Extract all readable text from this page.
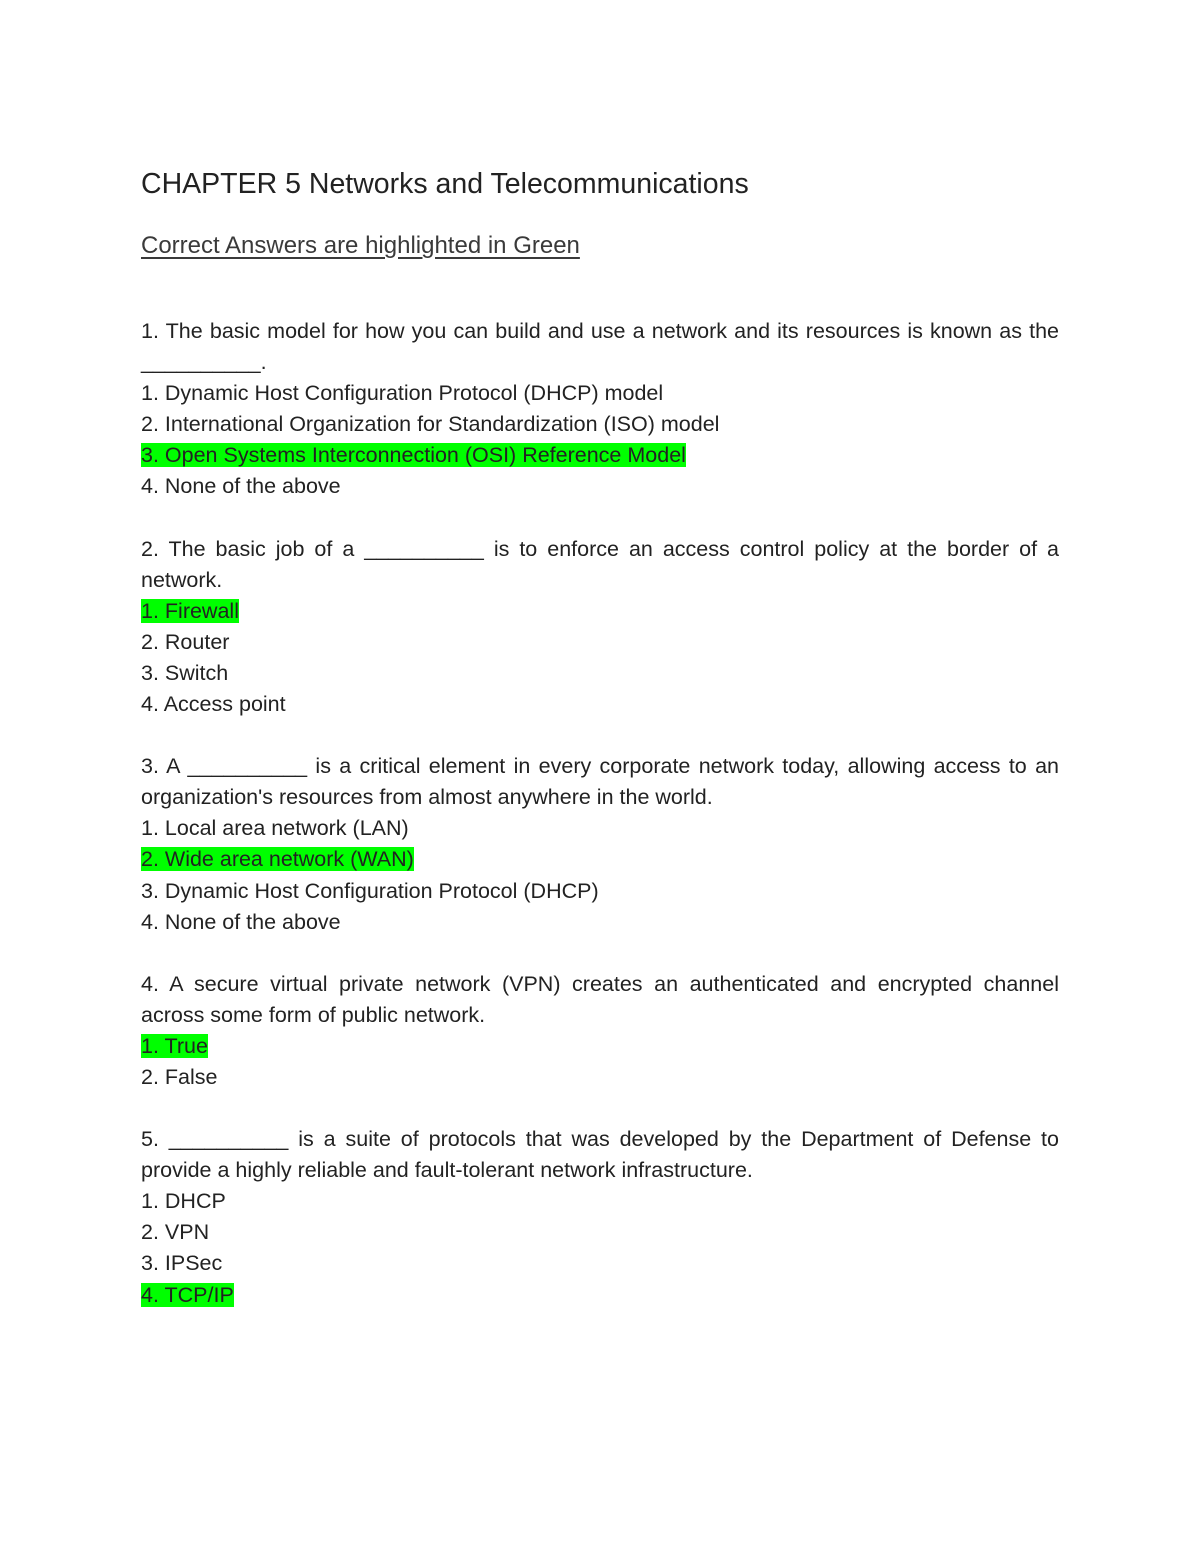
CHAPTER 5 Networks and Telecommunications

Correct Answers are highlighted in Green

1. The basic model for how you can build and use a network and its resources is known as the __________.

1. Dynamic Host Configuration Protocol (DHCP) model

2. International Organization for Standardization (ISO) model

3. Open Systems Interconnection (OSI) Reference Model

4. None of the above

2. The basic job of a __________ is to enforce an access control policy at the border of a network.

1. Firewall

2. Router

3. Switch

4. Access point

3. A __________ is a critical element in every corporate network today, allowing access to an organization's resources from almost anywhere in the world.

1. Local area network (LAN)

2. Wide area network (WAN)

3. Dynamic Host Configuration Protocol (DHCP)

4. None of the above

4. A secure virtual private network (VPN) creates an authenticated and encrypted channel across some form of public network.

1. True

2. False

5. __________ is a suite of protocols that was developed by the Department of Defense to provide a highly reliable and fault-tolerant network infrastructure.

1. DHCP

2. VPN

3. IPSec

4. TCP/IP
